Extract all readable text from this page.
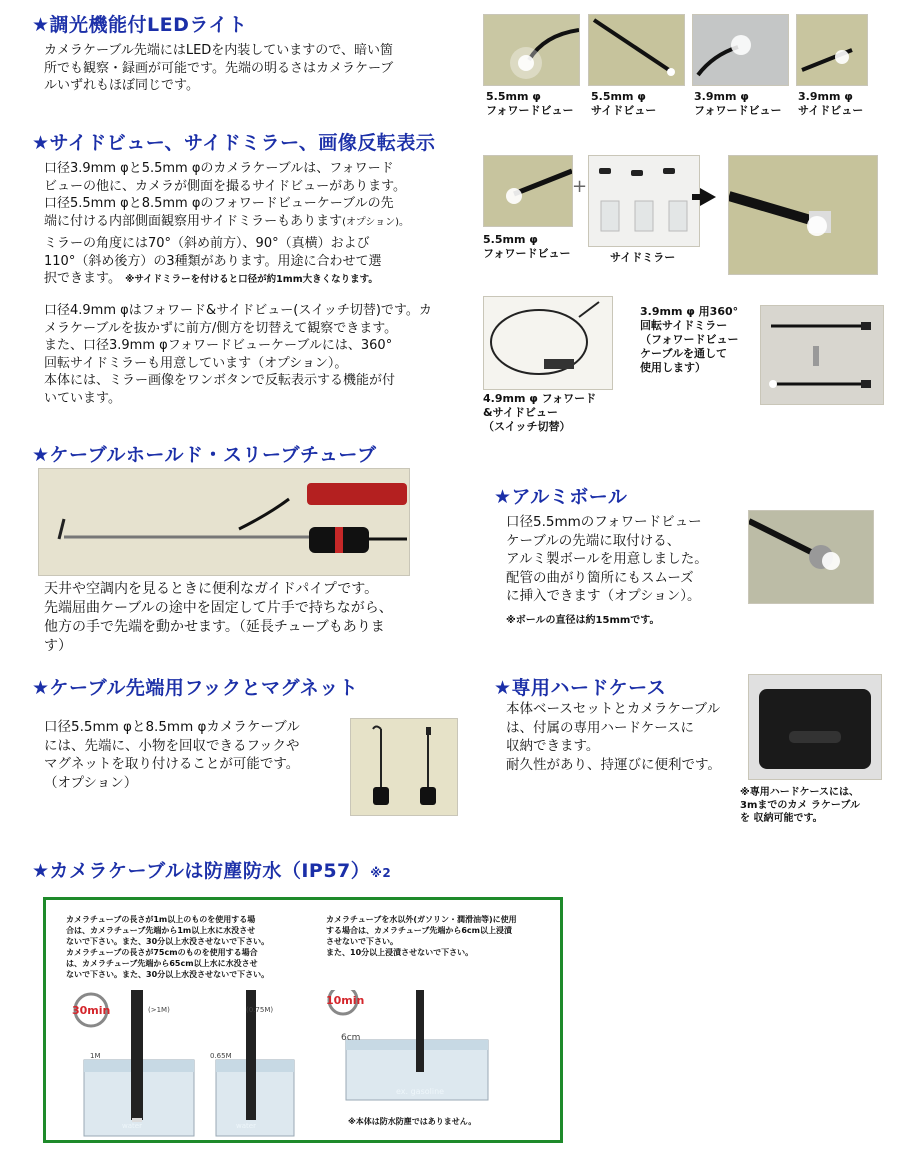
★調光機能付LEDライト
カメラケーブル先端にはLEDを内装していますので、暗い箇
所でも観察・録画が可能です。先端の明るさはカメラケーブ
ルいずれもほぼ同じです。
5.5mm φ
フォワードビュー
5.5mm φ
サイドビュー
3.9mm φ
フォワードビュー
3.9mm φ
サイドビュー
★サイドビュー、サイドミラー、画像反転表示
口径3.9mm φと5.5mm φのカメラケーブルは、フォワード
ビューの他に、カメラが側面を撮るサイドビューがあります。
口径5.5mm φと8.5mm φのフォワードビューケーブルの先
端に付ける内部側面観察用サイドミラーもあります(オプション)。
ミラーの角度には70°（斜め前方）、90°（真横）および
110°（斜め後方）の3種類があります。用途に合わせて選
択できます。 ※サイドミラーを付けると口径が約1mm大きくなります。
口径4.9mm φはフォワード&サイドビュー(スイッチ切替)です。カ
メラケーブルを抜かずに前方/側方を切替えて観察できます。
また、口径3.9mm φフォワードビューケーブルには、360°
回転サイドミラーも用意しています（オプション）。
本体には、ミラー画像をワンボタンで反転表示する機能が付
いています。
+
5.5mm φ
フォワードビュー	サイドミラー
4.9mm φ フォワード
&サイドビュー
（スイッチ切替）
3.9mm φ 用360°
回転サイドミラー
（フォワードビュー
ケーブルを通して
使用します）
★ケーブルホールド・スリーブチューブ
天井や空調内を見るときに便利なガイドパイプです。
先端屈曲ケーブルの途中を固定して片手で持ちながら、
他方の手で先端を動かせます。（延長チューブもありま
す）
★アルミボール
口径5.5mmのフォワードビュー
ケーブルの先端に取付ける、
アルミ製ボールを用意しました。
配管の曲がり箇所にもスムーズ
に挿入できます（オプション）。
※ボールの直径は約15mmです。
★ケーブル先端用フックとマグネット
口径5.5mm φと8.5mm φカメラケーブル
には、先端に、小物を回収できるフックや
マグネットを取り付けることが可能です。
（オプション）
★専用ハードケース
本体ベースセットとカメラケーブル
は、付属の専用ハードケースに
収納できます。
耐久性があり、持運びに便利です。
※専用ハードケースには、
3mまでのカメ ラケーブル
を 収納可能です。
★カメラケーブルは防塵防水（IP57）※2
カメラチューブの長さが1m以上のものを使用する場
合は、カメラチューブ先端から1m以上水に水没させ
ないで下さい。また、30分以上水没させないで下さい。
カメラチューブの長さが75cmのものを使用する場合
は、カメラチューブ先端から65cm以上水に水没させ
ないで下さい。また、30分以上水没させないで下さい。
カメラチューブを水以外(ガソリン・潤滑油等)に使用
する場合は、カメラチューブ先端から6cm以上浸漬
させないで下さい。
また、10分以上浸漬させないで下さい。
30min	(>1M)
1M
water
(0.75M)
0.65M
water
10min
6cm
ex. gasoline
※本体は防水防塵ではありません。
